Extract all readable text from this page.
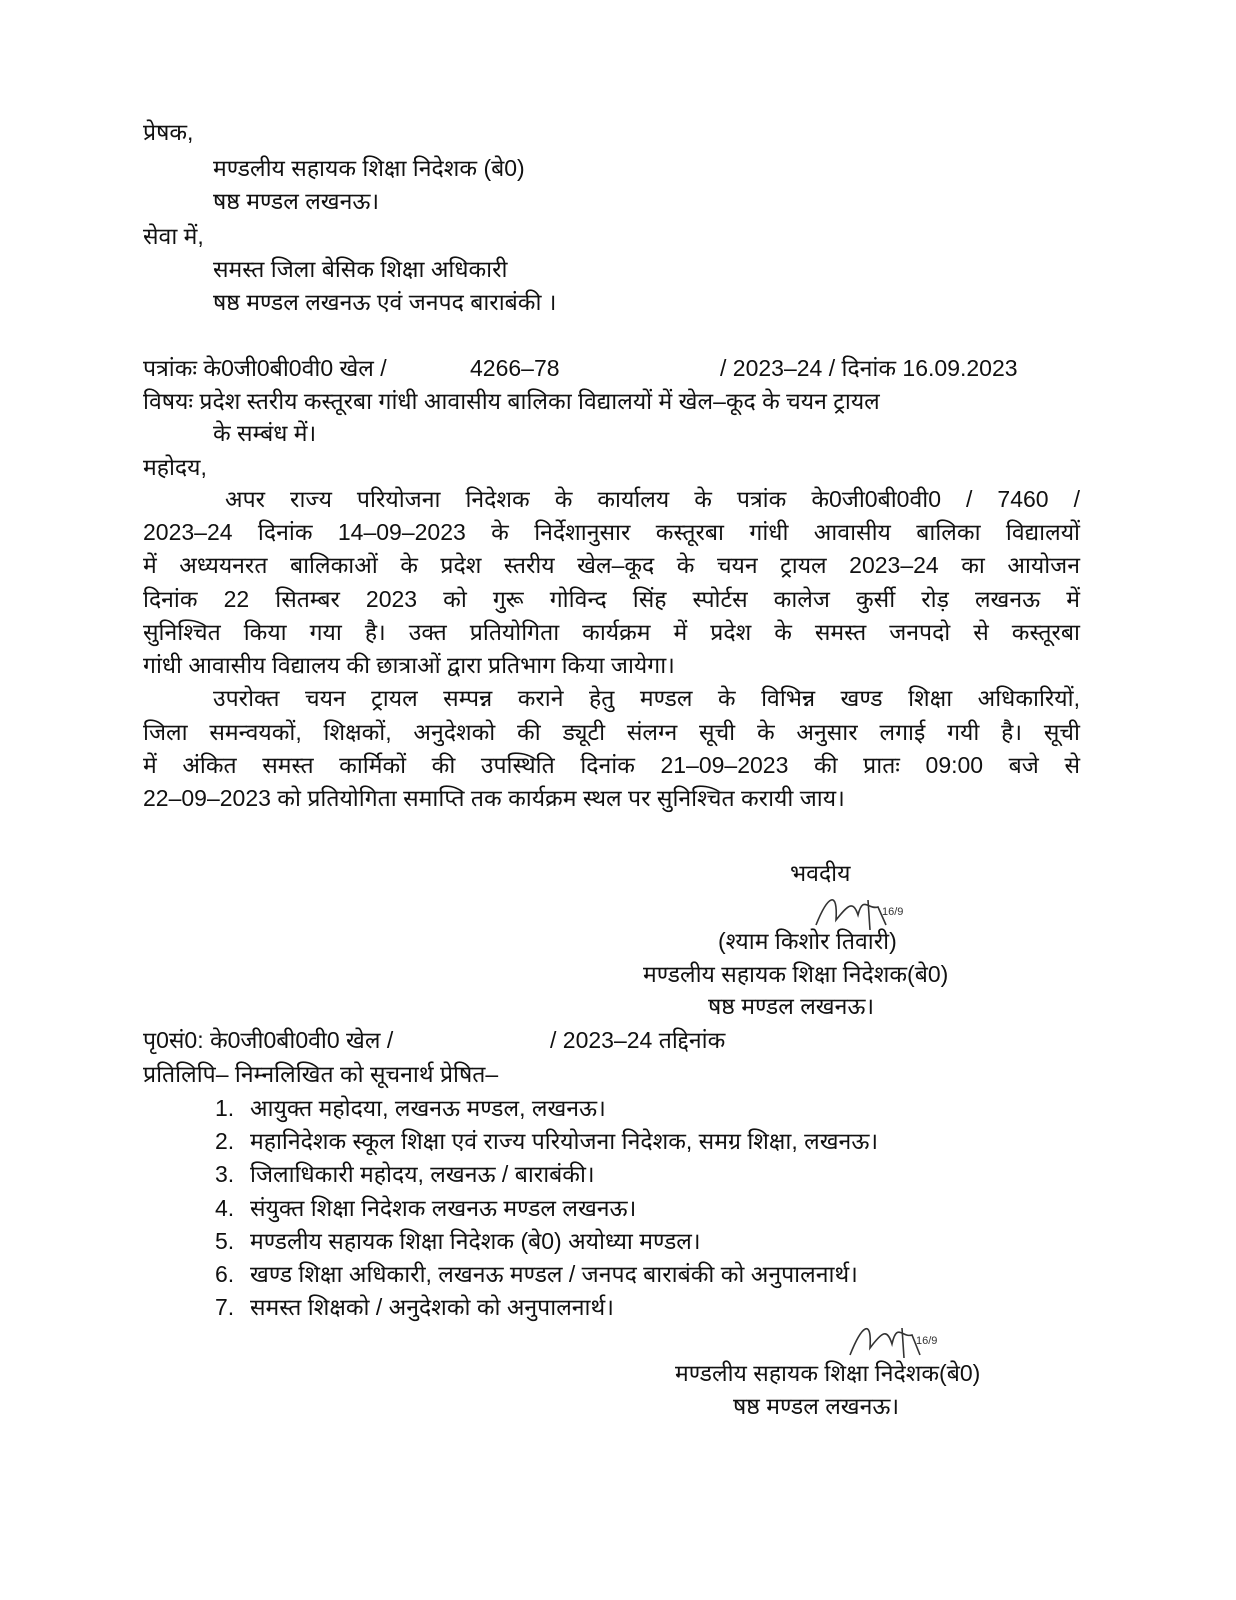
प्रेषक,
मण्डलीय सहायक शिक्षा निदेशक (बे0)
षष्ठ मण्डल लखनऊ।
सेवा में,
समस्त जिला बेसिक शिक्षा अधिकारी
षष्ठ मण्डल लखनऊ एवं जनपद बाराबंकी ।
पत्रांकः के0जी0बी0वी0 खेल /	4266–78	/ 2023–24 / दिनांक 16.09.2023
विषयः प्रदेश स्तरीय कस्तूरबा गांधी आवासीय बालिका विद्यालयों में खेल–कूद के चयन ट्रायल
के सम्बंध में।
महोदय,
अपर राज्य परियोजना निदेशक के कार्यालय के पत्रांक के0जी0बी0वी0 / 7460 /
2023–24 दिनांक 14–09–2023 के निर्देशानुसार कस्तूरबा गांधी आवासीय बालिका विद्यालयों
में अध्ययनरत बालिकाओं के प्रदेश स्तरीय खेल–कूद के चयन ट्रायल 2023–24 का आयोजन
दिनांक 22 सितम्बर 2023 को गुरू गोविन्द सिंह स्पोर्टस कालेज कुर्सी रोड़ लखनऊ में
सुनिश्चित किया गया है। उक्त प्रतियोगिता कार्यक्रम में प्रदेश के समस्त जनपदो से कस्तूरबा
गांधी आवासीय विद्यालय की छात्राओं द्वारा प्रतिभाग किया जायेगा।
उपरोक्त चयन ट्रायल सम्पन्न कराने हेतु मण्डल के विभिन्न खण्ड शिक्षा अधिकारियों,
जिला समन्वयकों, शिक्षकों, अनुदेशको की ड्यूटी संलग्न सूची के अनुसार लगाई गयी है। सूची
में अंकित समस्त कार्मिकों की उपस्थिति दिनांक 21–09–2023 की प्रातः 09:00 बजे से
22–09–2023 को प्रतियोगिता समाप्ति तक कार्यक्रम स्थल पर सुनिश्चित करायी जाय।
भवदीय
16/9
(श्याम किशोर तिवारी)
मण्डलीय सहायक शिक्षा निदेशक(बे0)
षष्ठ मण्डल लखनऊ।
पृ0सं0: के0जी0बी0वी0 खेल /	/ 2023–24 तद्दिनांक
प्रतिलिपि– निम्नलिखित को सूचनार्थ प्रेषित–
1. आयुक्त महोदया, लखनऊ मण्डल, लखनऊ।
2. महानिदेशक स्कूल शिक्षा एवं राज्य परियोजना निदेशक, समग्र शिक्षा, लखनऊ।
3. जिलाधिकारी महोदय, लखनऊ / बाराबंकी।
4. संयुक्त शिक्षा निदेशक लखनऊ मण्डल लखनऊ।
5. मण्डलीय सहायक शिक्षा निदेशक (बे0) अयोध्या मण्डल।
6. खण्ड शिक्षा अधिकारी, लखनऊ मण्डल / जनपद बाराबंकी को अनुपालनार्थ।
7. समस्त शिक्षको / अनुदेशको को अनुपालनार्थ।
16/9
मण्डलीय सहायक शिक्षा निदेशक(बे0)
षष्ठ मण्डल लखनऊ।
